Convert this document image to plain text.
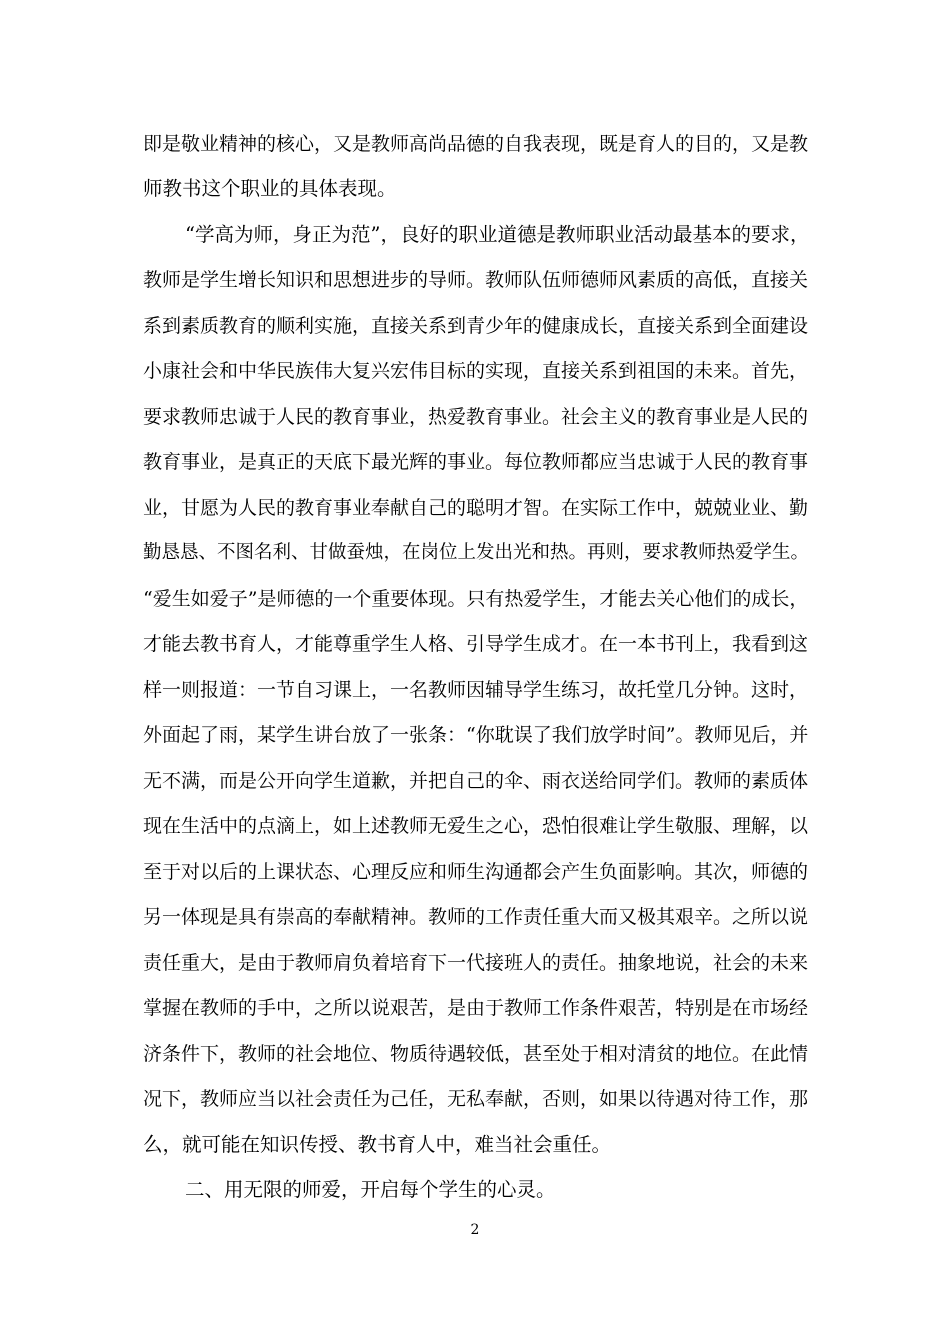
即是敬业精神的核心，又是教师高尚品德的自我表现，既是育人的目的，又是教
师教书这个职业的具体表现。
“学高为师，身正为范”，良好的职业道德是教师职业活动最基本的要求，
教师是学生增长知识和思想进步的导师。教师队伍师德师风素质的高低，直接关
系到素质教育的顺利实施，直接关系到青少年的健康成长，直接关系到全面建设
小康社会和中华民族伟大复兴宏伟目标的实现，直接关系到祖国的未来。首先，
要求教师忠诚于人民的教育事业，热爱教育事业。社会主义的教育事业是人民的
教育事业，是真正的天底下最光辉的事业。每位教师都应当忠诚于人民的教育事
业，甘愿为人民的教育事业奉献自己的聪明才智。在实际工作中，兢兢业业、勤
勤恳恳、不图名利、甘做蚕烛，在岗位上发出光和热。再则，要求教师热爱学生。
“爱生如爱子”是师德的一个重要体现。只有热爱学生，才能去关心他们的成长，
才能去教书育人，才能尊重学生人格、引导学生成才。在一本书刊上，我看到这
样一则报道：一节自习课上，一名教师因辅导学生练习，故托堂几分钟。这时，
外面起了雨，某学生讲台放了一张条：“你耽误了我们放学时间”。教师见后，并
无不满，而是公开向学生道歉，并把自己的伞、雨衣送给同学们。教师的素质体
现在生活中的点滴上，如上述教师无爱生之心，恐怕很难让学生敬服、理解，以
至于对以后的上课状态、心理反应和师生沟通都会产生负面影响。其次，师德的
另一体现是具有崇高的奉献精神。教师的工作责任重大而又极其艰辛。之所以说
责任重大，是由于教师肩负着培育下一代接班人的责任。抽象地说，社会的未来
掌握在教师的手中，之所以说艰苦，是由于教师工作条件艰苦，特别是在市场经
济条件下，教师的社会地位、物质待遇较低，甚至处于相对清贫的地位。在此情
况下，教师应当以社会责任为己任，无私奉献，否则，如果以待遇对待工作，那
么，就可能在知识传授、教书育人中，难当社会重任。
二、用无限的师爱，开启每个学生的心灵。
2
